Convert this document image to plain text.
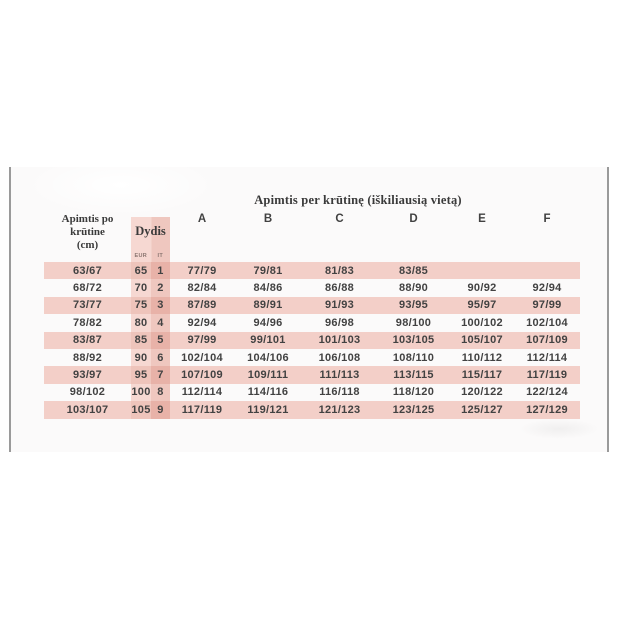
Apimtis per krūtinę (iškiliausią vietą)
Apimtis po
krūtine
(cm)

Dydis
EUR	IT
	A	B	C	D	E	F
63/67	65	1	77/79	79/81	81/83	83/85		
68/72	70	2	82/84	84/86	86/88	88/90	90/92	92/94
73/77	75	3	87/89	89/91	91/93	93/95	95/97	97/99
78/82	80	4	92/94	94/96	96/98	98/100	100/102	102/104
83/87	85	5	97/99	99/101	101/103	103/105	105/107	107/109
88/92	90	6	102/104	104/106	106/108	108/110	110/112	112/114
93/97	95	7	107/109	109/111	111/113	113/115	115/117	117/119
98/102	100	8	112/114	114/116	116/118	118/120	120/122	122/124
103/107	105	9	117/119	119/121	121/123	123/125	125/127	127/129
